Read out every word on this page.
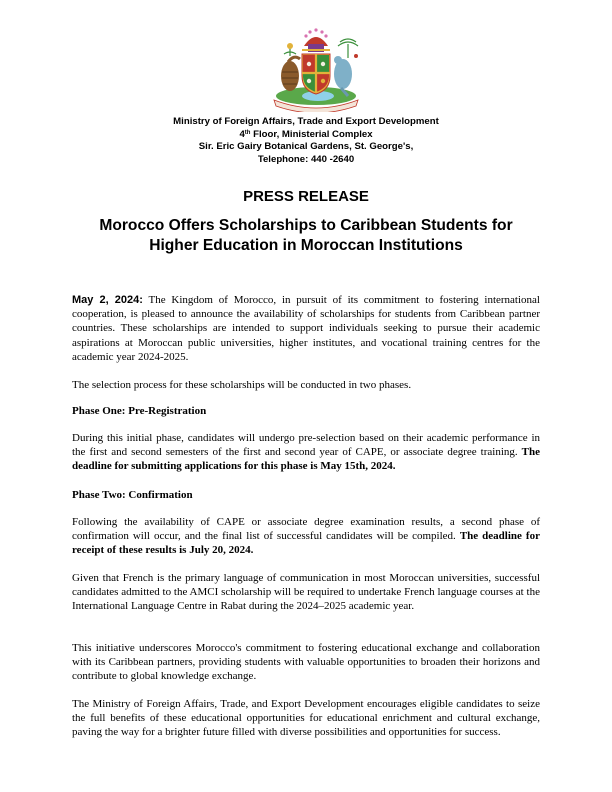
Ministry of Foreign Affairs, Trade and Export Development
4th Floor, Ministerial Complex
Sir. Eric Gairy Botanical Gardens, St. George's,
Telephone: 440 -2640
PRESS RELEASE
Morocco Offers Scholarships to Caribbean Students for
Higher Education in Moroccan Institutions

May 2, 2024: The Kingdom of Morocco, in pursuit of its commitment to fostering international cooperation, is pleased to announce the availability of scholarships for students from Caribbean partner countries. These scholarships are intended to support individuals seeking to pursue their academic aspirations at Moroccan public universities, higher institutes, and vocational training centres for the academic year 2024-2025.

The selection process for these scholarships will be conducted in two phases.

Phase One: Pre-Registration

During this initial phase, candidates will undergo pre-selection based on their academic performance in the first and second semesters of the first and second year of CAPE, or associate degree training. The deadline for submitting applications for this phase is May 15th, 2024.

Phase Two: Confirmation

Following the availability of CAPE or associate degree examination results, a second phase of confirmation will occur, and the final list of successful candidates will be compiled. The deadline for receipt of these results is July 20, 2024.

Given that French is the primary language of communication in most Moroccan universities, successful candidates admitted to the AMCI scholarship will be required to undertake French language courses at the International Language Centre in Rabat during the 2024–2025 academic year.

This initiative underscores Morocco's commitment to fostering educational exchange and collaboration with its Caribbean partners, providing students with valuable opportunities to broaden their horizons and contribute to global knowledge exchange.

The Ministry of Foreign Affairs, Trade, and Export Development encourages eligible candidates to seize the full benefits of these educational opportunities for educational enrichment and cultural exchange, paving the way for a brighter future filled with diverse possibilities and opportunities for success.
